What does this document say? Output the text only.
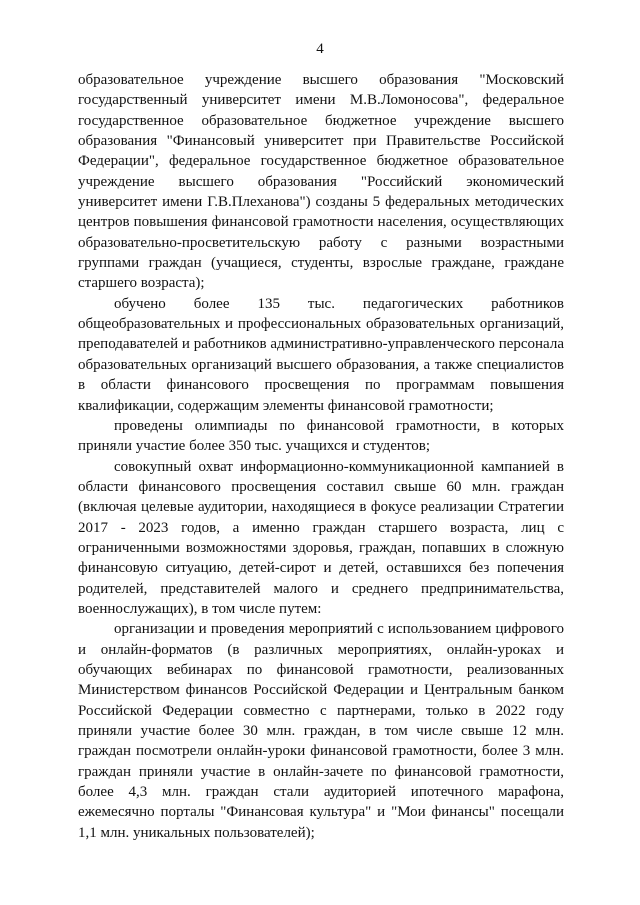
4

образовательное учреждение высшего образования "Московский государственный университет имени М.В.Ломоносова", федеральное государственное образовательное бюджетное учреждение высшего образования "Финансовый университет при Правительстве Российской Федерации", федеральное государственное бюджетное образовательное учреждение высшего образования "Российский экономический университет имени Г.В.Плеханова") созданы 5 федеральных методических центров повышения финансовой грамотности населения, осуществляющих образовательно-просветительскую работу с разными возрастными группами граждан (учащиеся, студенты, взрослые граждане, граждане старшего возраста);

обучено более 135 тыс. педагогических работников общеобразовательных и профессиональных образовательных организаций, преподавателей и работников административно-управленческого персонала образовательных организаций высшего образования, а также специалистов в области финансового просвещения по программам повышения квалификации, содержащим элементы финансовой грамотности;

проведены олимпиады по финансовой грамотности, в которых приняли участие более 350 тыс. учащихся и студентов;

совокупный охват информационно-коммуникационной кампанией в области финансового просвещения составил свыше 60 млн. граждан (включая целевые аудитории, находящиеся в фокусе реализации Стратегии 2017 - 2023 годов, а именно граждан старшего возраста, лиц с ограниченными возможностями здоровья, граждан, попавших в сложную финансовую ситуацию, детей-сирот и детей, оставшихся без попечения родителей, представителей малого и среднего предпринимательства, военнослужащих), в том числе путем:

организации и проведения мероприятий с использованием цифрового и онлайн-форматов (в различных мероприятиях, онлайн-уроках и обучающих вебинарах по финансовой грамотности, реализованных Министерством финансов Российской Федерации и Центральным банком Российской Федерации совместно с партнерами, только в 2022 году приняли участие более 30 млн. граждан, в том числе свыше 12 млн. граждан посмотрели онлайн-уроки финансовой грамотности, более 3 млн. граждан приняли участие в онлайн-зачете по финансовой грамотности, более 4,3 млн. граждан стали аудиторией ипотечного марафона, ежемесячно порталы "Финансовая культура" и "Мои финансы" посещали 1,1 млн. уникальных пользователей);
